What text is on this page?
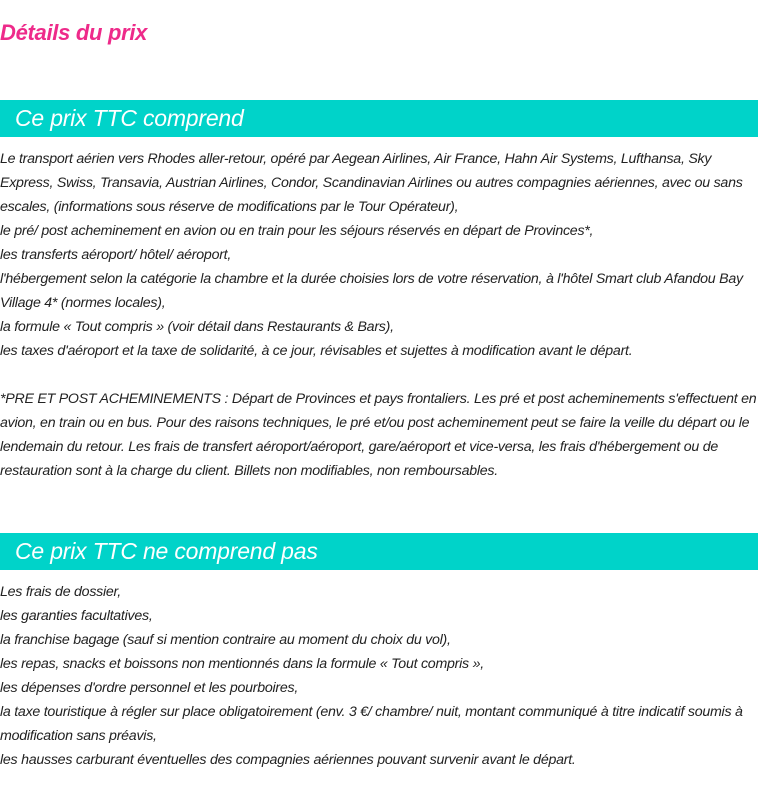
Détails du prix
Ce prix TTC comprend

Le transport aérien vers Rhodes aller-retour, opéré par Aegean Airlines, Air France, Hahn Air Systems, Lufthansa, Sky Express, Swiss, Transavia, Austrian Airlines, Condor, Scandinavian Airlines ou autres compagnies aériennes, avec ou sans escales, (informations sous réserve de modifications par le Tour Opérateur),

le pré/ post acheminement en avion ou en train pour les séjours réservés en départ de Provinces*,

les transferts aéroport/ hôtel/ aéroport,

l'hébergement selon la catégorie la chambre et la durée choisies lors de votre réservation, à l'hôtel Smart club Afandou Bay Village 4* (normes locales),

la formule « Tout compris » (voir détail dans Restaurants & Bars),

les taxes d'aéroport et la taxe de solidarité, à ce jour, révisables et sujettes à modification avant le départ.

*PRE ET POST ACHEMINEMENTS : Départ de Provinces et pays frontaliers. Les pré et post acheminements s'effectuent en avion, en train ou en bus. Pour des raisons techniques, le pré et/ou post acheminement peut se faire la veille du départ ou le lendemain du retour. Les frais de transfert aéroport/aéroport, gare/aéroport et vice-versa, les frais d'hébergement ou de restauration sont à la charge du client. Billets non modifiables, non remboursables.

Ce prix TTC ne comprend pas

Les frais de dossier,

les garanties facultatives,

la franchise bagage (sauf si mention contraire au moment du choix du vol),

les repas, snacks et boissons non mentionnés dans la formule « Tout compris »,

les dépenses d'ordre personnel et les pourboires,

la taxe touristique à régler sur place obligatoirement (env. 3 €/ chambre/ nuit, montant communiqué à titre indicatif soumis à modification sans préavis,

les hausses carburant éventuelles des compagnies aériennes pouvant survenir avant le départ.
